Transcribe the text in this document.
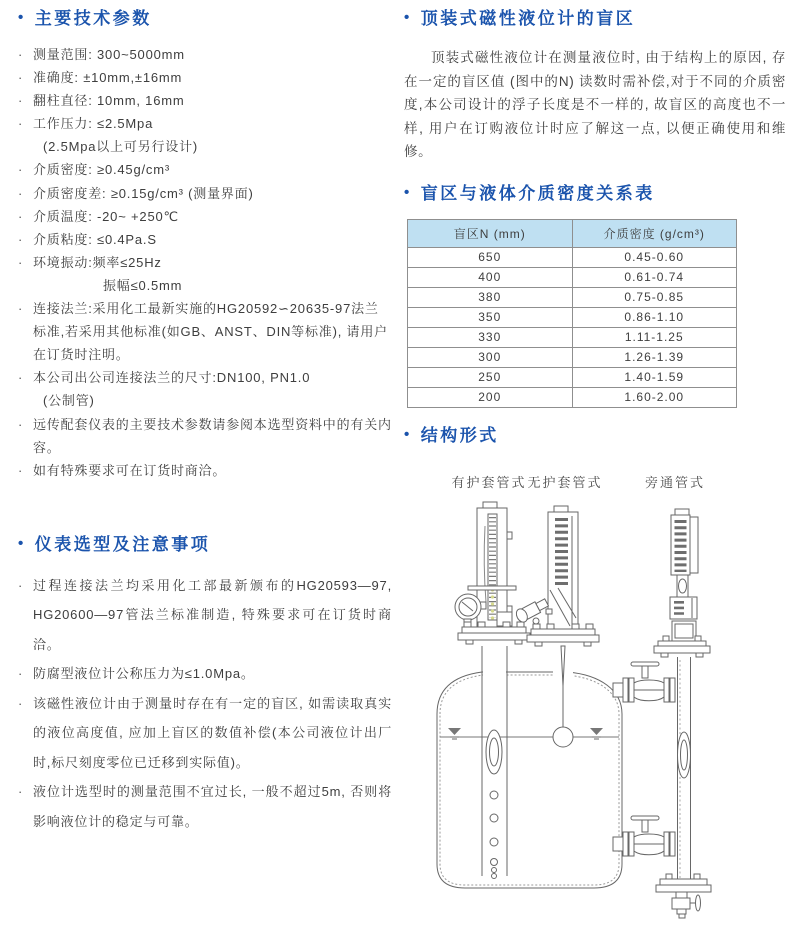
• 主要技术参数
· 测量范围: 300~5000mm
· 准确度: ±10mm,±16mm
· 翻柱直径: 10mm, 16mm
· 工作压力: ≤2.5Mpa
(2.5Mpa以上可另行设计)
· 介质密度: ≥0.45g/cm³
· 介质密度差: ≥0.15g/cm³ (测量界面)
· 介质温度: -20~ +250℃
· 介质粘度: ≤0.4Pa.S
· 环境振动:频率≤25Hz
振幅≤0.5mm
· 连接法兰:采用化工最新实施的HG20592∽20635-97法兰标准,若采用其他标准(如GB、ANST、DIN等标准), 请用户在订货时注明。
· 本公司出公司连接法兰的尺寸:DN100, PN1.0
(公制管)
· 远传配套仪表的主要技术参数请参阅本选型资料中的有关内容。
· 如有特殊要求可在订货时商洽。
• 仪表选型及注意事项
· 过程连接法兰均采用化工部最新颁布的HG20593—97, HG20600—97管法兰标准制造, 特殊要求可在订货时商洽。
· 防腐型液位计公称压力为≤1.0Mpa。
· 该磁性液位计由于测量时存在有一定的盲区, 如需读取真实的液位高度值, 应加上盲区的数值补偿(本公司液位计出厂时,标尺刻度零位已迁移到实际值)。
· 液位计选型时的测量范围不宜过长, 一般不超过5m, 否则将影响液位计的稳定与可靠。
• 顶装式磁性液位计的盲区

顶装式磁性液位计在测量液位时, 由于结构上的原因, 存在一定的盲区值 (图中的N) 读数时需补偿,对于不同的介质密度,本公司设计的浮子长度是不一样的, 故盲区的高度也不一样, 用户在订购液位计时应了解这一点, 以便正确使用和维修。

• 盲区与液体介质密度关系表
盲区N (mm)	介质密度 (g/cm³)
650	0.45-0.60
400	0.61-0.74
380	0.75-0.85
350	0.86-1.10
330	1.11-1.25
300	1.26-1.39
250	1.40-1.59
200	1.60-2.00
• 结构形式
有护套管式 无护套管式	旁通管式
